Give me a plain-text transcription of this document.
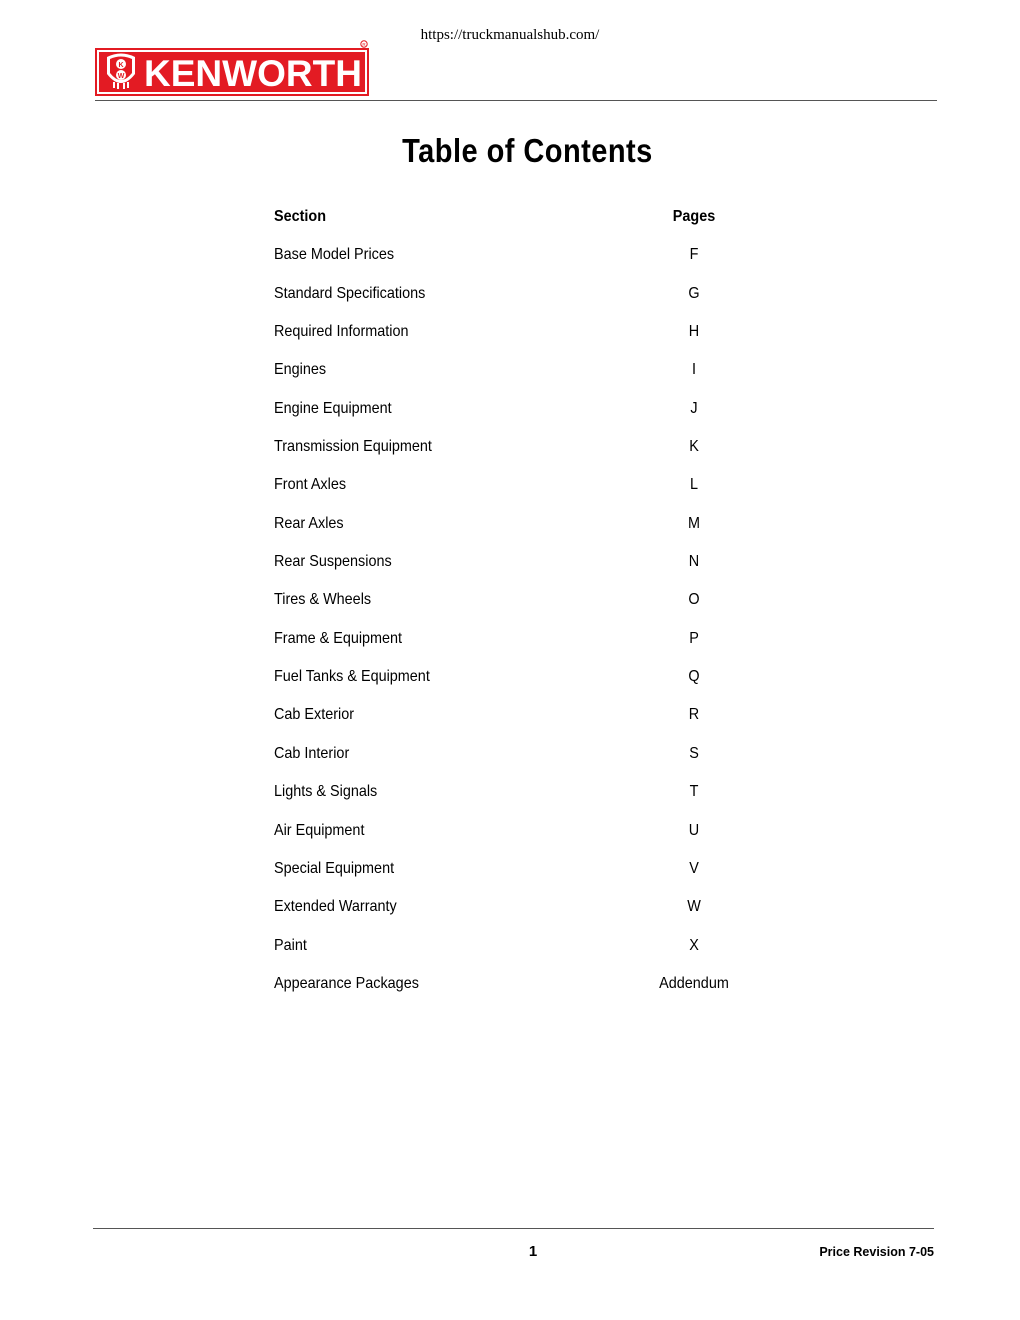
https://truckmanualshub.com/
K
W KENWORTH
R
Table of Contents
Section	Pages
Base Model Prices	F
Standard Specifications	G
Required Information	H
Engines	I
Engine Equipment	J
Transmission Equipment	K
Front Axles	L
Rear Axles	M
Rear Suspensions	N
Tires & Wheels	O
Frame & Equipment	P
Fuel Tanks & Equipment	Q
Cab Exterior	R
Cab Interior	S
Lights & Signals	T
Air Equipment	U
Special Equipment	V
Extended Warranty	W
Paint	X
Appearance Packages	Addendum
1	Price Revision 7-05
